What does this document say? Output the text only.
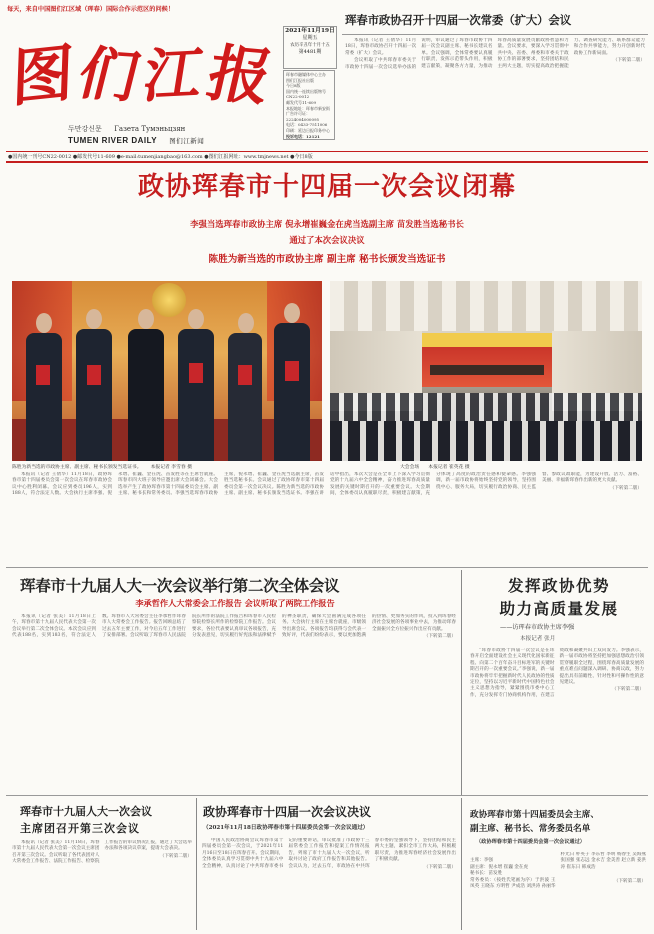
每天，来自中国图们江区域（珲春）国际合作示范区的问候！
图
们
江
报
두만강신문 Газета Тумэньцзян
TUMEN RIVER DAILY 图们江新闻
2021年11月19日
星期五
农历辛丑年十月十五
第4481期
珲春市融媒体中心主办
图们江报社出版
今日8版
国内统一连续出版物号
CN22-0012
邮发代号11-609
本报地址：珲春市新安街
广告许可证：2224004000095
电话：0433-7511006
印刷：延边日报印务中心
投诉电话：12121
珲春市政协召开十四届一次常委（扩大）会议

本报讯（记者 王倩华）11月18日，珲春市政协召开十四届一次常委（扩大）会议。

会议听取了中共珲春市委关于市政协十四届一次会议选举办法的说明，审议通过了珲春市政协十四届一次会议副主席、秘书长建议名单。会议强调，全体常委要认真履行职责，发挥示范带头作用，积极建言献策，凝聚各方力量，为推动珲春高质量发展贡献政协智慧和力量。会议要求，要深入学习贯彻中共中央、省委、州委和市委关于政协工作的部署要求，坚持团结和民主两大主题，切实提高政治把握能力、调查研究能力、联系群众能力和合作共事能力，努力开创新时代政协工作新局面。

（下转第二版）

●国内统一刊号CN22-0012 ●邮发代号11-609 ●e-mail:tumenjiangbao@163.com ●图们江报网址：www.tmjnews.net ●今日8版
政协珲春市十四届一次会议闭幕
李强当选珲春市政协主席 倪永增崔巍金在虎当选副主席 苗发胜当选秘书长
通过了本次会议决议
陈胜为新当选的市政协主席 副主席 秘书长颁发当选证书
陈胜为新当选的市政协主席、副主席、秘书长颁发当选证书。 本报记者 李雪春 摄	大会会场 本报记者 崔英花 摄

本报讯（记者 王倩华）11月18日，政协珲春市第十四届委员会第一次会议在珲春市政协会议中心胜利闭幕。会议应到委员196人，实到188人，符合法定人数。大会执行主席李强、倪永增、崔巍、金在虎、苗发胜等在主席台就座。珲春市四大班子领导应邀出席大会闭幕会。大会选举产生了政协珲春市第十四届委员会主席、副主席、秘书长和常务委员。李强当选珲春市政协主席，倪永增、崔巍、金在虎当选副主席，苗发胜当选秘书长。会议通过了政协珲春市第十四届委员会第一次会议决议。陈胜为新当选的市政协主席、副主席、秘书长颁发当选证书。李强在讲话中指出，本次大会是在全市上下深入学习贯彻党的十九届六中全会精神，奋力推进珲春高质量发展的关键时期召开的一次重要会议。大会期间，全体委员认真履职尽责，积极建言献策，充分体现了高度的政治责任感和使命感。李强强调，新一届市政协将始终坚持党的领导，坚持围绕中心、服务大局，切实履行政治协商、民主监督、参政议政职能，为建设开放、活力、富裕、美丽、幸福新珲春作出新的更大贡献。

（下转第二版）

珲春市十九届人大一次会议举行第二次全体会议
李承哲作人大常委会工作报告 会议听取了两院工作报告

本报讯（记者 张美）11月18日上午，珲春市第十九届人民代表大会第一次会议举行第二次全体会议。本次会议应到代表188名，实到183名，符合法定人数。珲春市人大常委会主任李承哲作珲春市人大常委会工作报告。报告回顾总结了过去五年主要工作，对今后五年工作进行了安排部署。会议听取了珲春市人民法院院长所作的法院工作报告和珲春市人民检察院检察长所作的检察院工作报告。会议要求，各位代表要认真审议各项报告，充分发表意见，切实履行好宪法和法律赋予的神圣职责，确保大会圆满完成各项任务。大会执行主席在主席台就座，市级领导出席会议。各项报告均获得与会代表一致好评，代表们纷纷表示，要以更加饱满的热情、更加务实的作风，投入到珲春经济社会发展的各项事业中去，为推动珲春全面振兴全方位振兴作出应有贡献。

（下转第二版）

发挥政协优势
助力高质量发展
——访珲春市政协主席李强
本报记者 张月

“珲春市政协十四届一次会议是在珲春开启全面建设社会主义现代化国家新征程、向第二个百年奋斗目标进军的关键时期召开的一次重要会议。”李强说，新一届市政协将牢牢把握新时代人民政协的性质定位，坚持以习近平新时代中国特色社会主义思想为指导，紧紧围绕市委中心工作，充分发挥专门协商机构作用，在建言资政和凝聚共识上双向发力。李强表示，新一届市政协将坚持把加强思想政治引领贯穿履职全过程，围绕珲春高质量发展的重点难点问题深入调研、协商议政，努力提出具有前瞻性、针对性和可操作性的意见建议。

（下转第二版）

珲春市十九届人大一次会议
主席团召开第三次会议

本报讯（记者 张美）11月18日，珲春市第十九届人民代表大会第一次会议主席团召开第三次会议。会议听取了各代表团对人大常委会工作报告、法院工作报告、检察院工作报告的审议情况汇报，通过了大会选举办法和各项决议草案，提请大会表决。

（下转第二版）

政协珲春市十四届一次会议决议
（2021年11月18日政协珲春市第十四届委员会第一次会议通过）

中国人民政治协商会议珲春市第十四届委员会第一次会议，于2021年11月16日至18日在珲春召开。会议期间，全体委员认真学习贯彻中共十九届六中全会精神，认真讨论了中共珲春市委书记的重要讲话，审议批准了市政协十三届常委会工作报告和提案工作情况报告，列席了市十九届人大一次会议，听取并讨论了政府工作报告和其他报告。会议认为，过去五年，市政协在中共珲春市委的坚强领导下，坚持团结和民主两大主题，紧扣全市工作大局，积极履职尽责，为推进珲春经济社会发展作出了积极贡献。

（下转第二版）

政协珲春市第十四届委员会主席、
副主席、秘书长、常务委员名单
（政协珲春市第十四届委员会第一次会议通过）

主席：李强
副主席：倪永增 崔巍 金在虎
秘书长：苗发胜
常务委员：（按姓氏笔画为序）于洪波 王凤英 王晓东 方明哲 尹成浩 刘洪涛 孙丽华 朴光日 朴英子 李东哲 李明 杨春生 吴海燕 张国强 张志远 金永吉 金美善 赵立新 姜洪涛 崔东日 韩成浩

（下转第二版）
